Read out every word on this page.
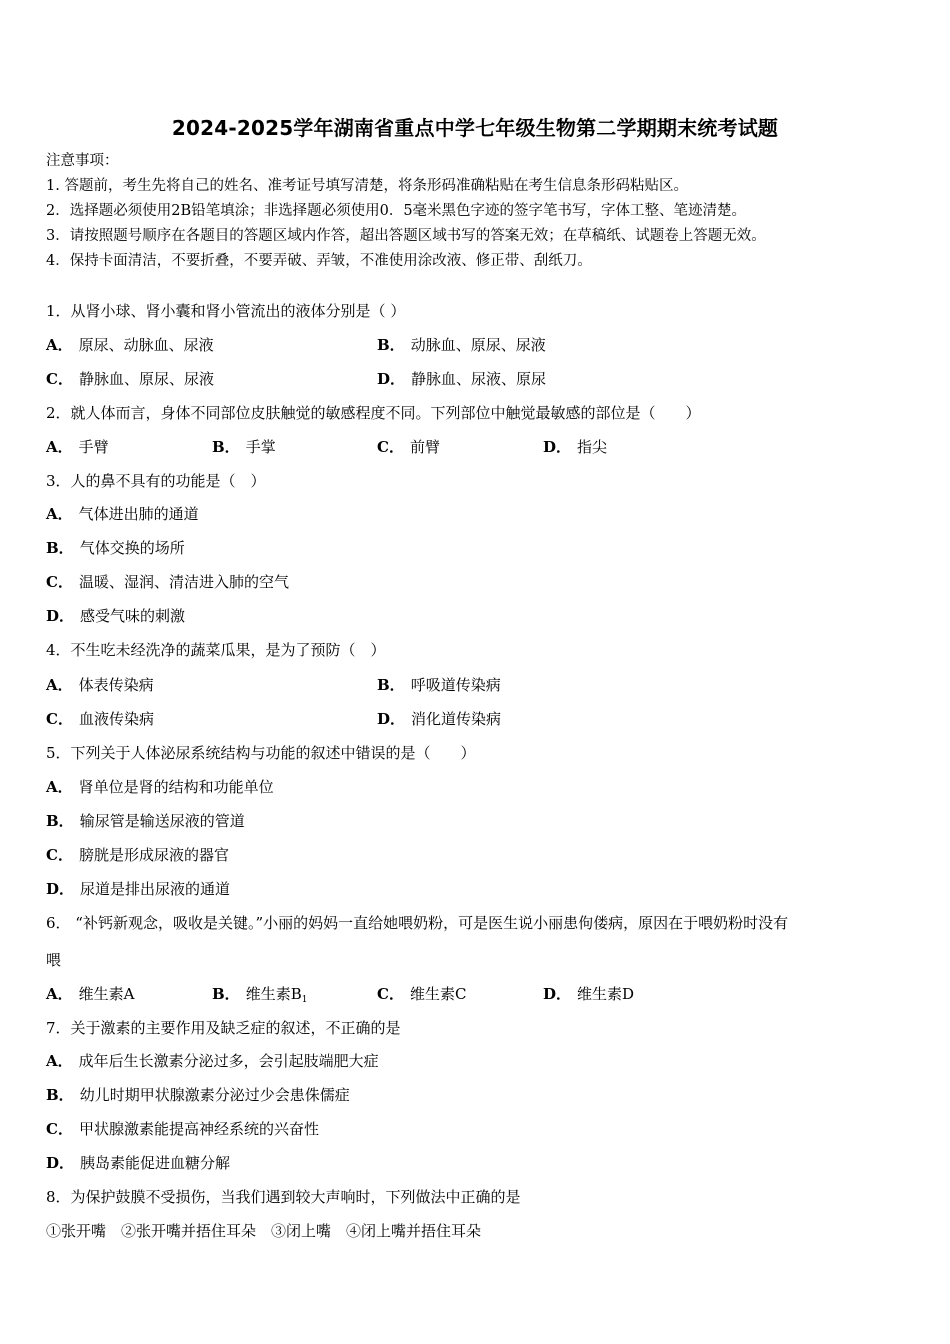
2024-2025学年湖南省重点中学七年级生物第二学期期末统考试题
注意事项：
1. 答题前，考生先将自己的姓名、准考证号填写清楚，将条形码准确粘贴在考生信息条形码粘贴区。
2．选择题必须使用2B铅笔填涂；非选择题必须使用0．5毫米黑色字迹的签字笔书写，字体工整、笔迹清楚。
3．请按照题号顺序在各题目的答题区域内作答，超出答题区域书写的答案无效；在草稿纸、试题卷上答题无效。
4．保持卡面清洁，不要折叠，不要弄破、弄皱，不准使用涂改液、修正带、刮纸刀。
1．从肾小球、肾小囊和肾小管流出的液体分别是（ ）
A． 原尿、动脉血、尿液	B． 动脉血、原尿、尿液
C． 静脉血、原尿、尿液	D． 静脉血、尿液、原尿
2．就人体而言，身体不同部位皮肤触觉的敏感程度不同。下列部位中触觉最敏感的部位是（　　）
A． 手臂	B． 手掌	C． 前臂	D． 指尖
3．人的鼻不具有的功能是（　）
A． 气体进出肺的通道
B． 气体交换的场所
C． 温暖、湿润、清洁进入肺的空气
D． 感受气味的刺激
4．不生吃未经洗净的蔬菜瓜果，是为了预防（　）
A． 体表传染病	B． 呼吸道传染病
C． 血液传染病	D． 消化道传染病
5．下列关于人体泌尿系统结构与功能的叙述中错误的是（　　）
A． 肾单位是肾的结构和功能单位
B． 输尿管是输送尿液的管道
C． 膀胱是形成尿液的器官
D． 尿道是排出尿液的通道
6． “补钙新观念，吸收是关键。”小丽的妈妈一直给她喂奶粉，可是医生说小丽患佝偻病，原因在于喂奶粉时没有
喂
A． 维生素A	B． 维生素$B_1$	C． 维生素C	D． 维生素D
7．关于激素的主要作用及缺乏症的叙述，不正确的是
A． 成年后生长激素分泌过多，会引起肢端肥大症
B． 幼儿时期甲状腺激素分泌过少会患侏儒症
C． 甲状腺激素能提高神经系统的兴奋性
D． 胰岛素能促进血糖分解
8．为保护鼓膜不受损伤，当我们遇到较大声响时，下列做法中正确的是
①张开嘴　②张开嘴并捂住耳朵　③闭上嘴　④闭上嘴并捂住耳朵
